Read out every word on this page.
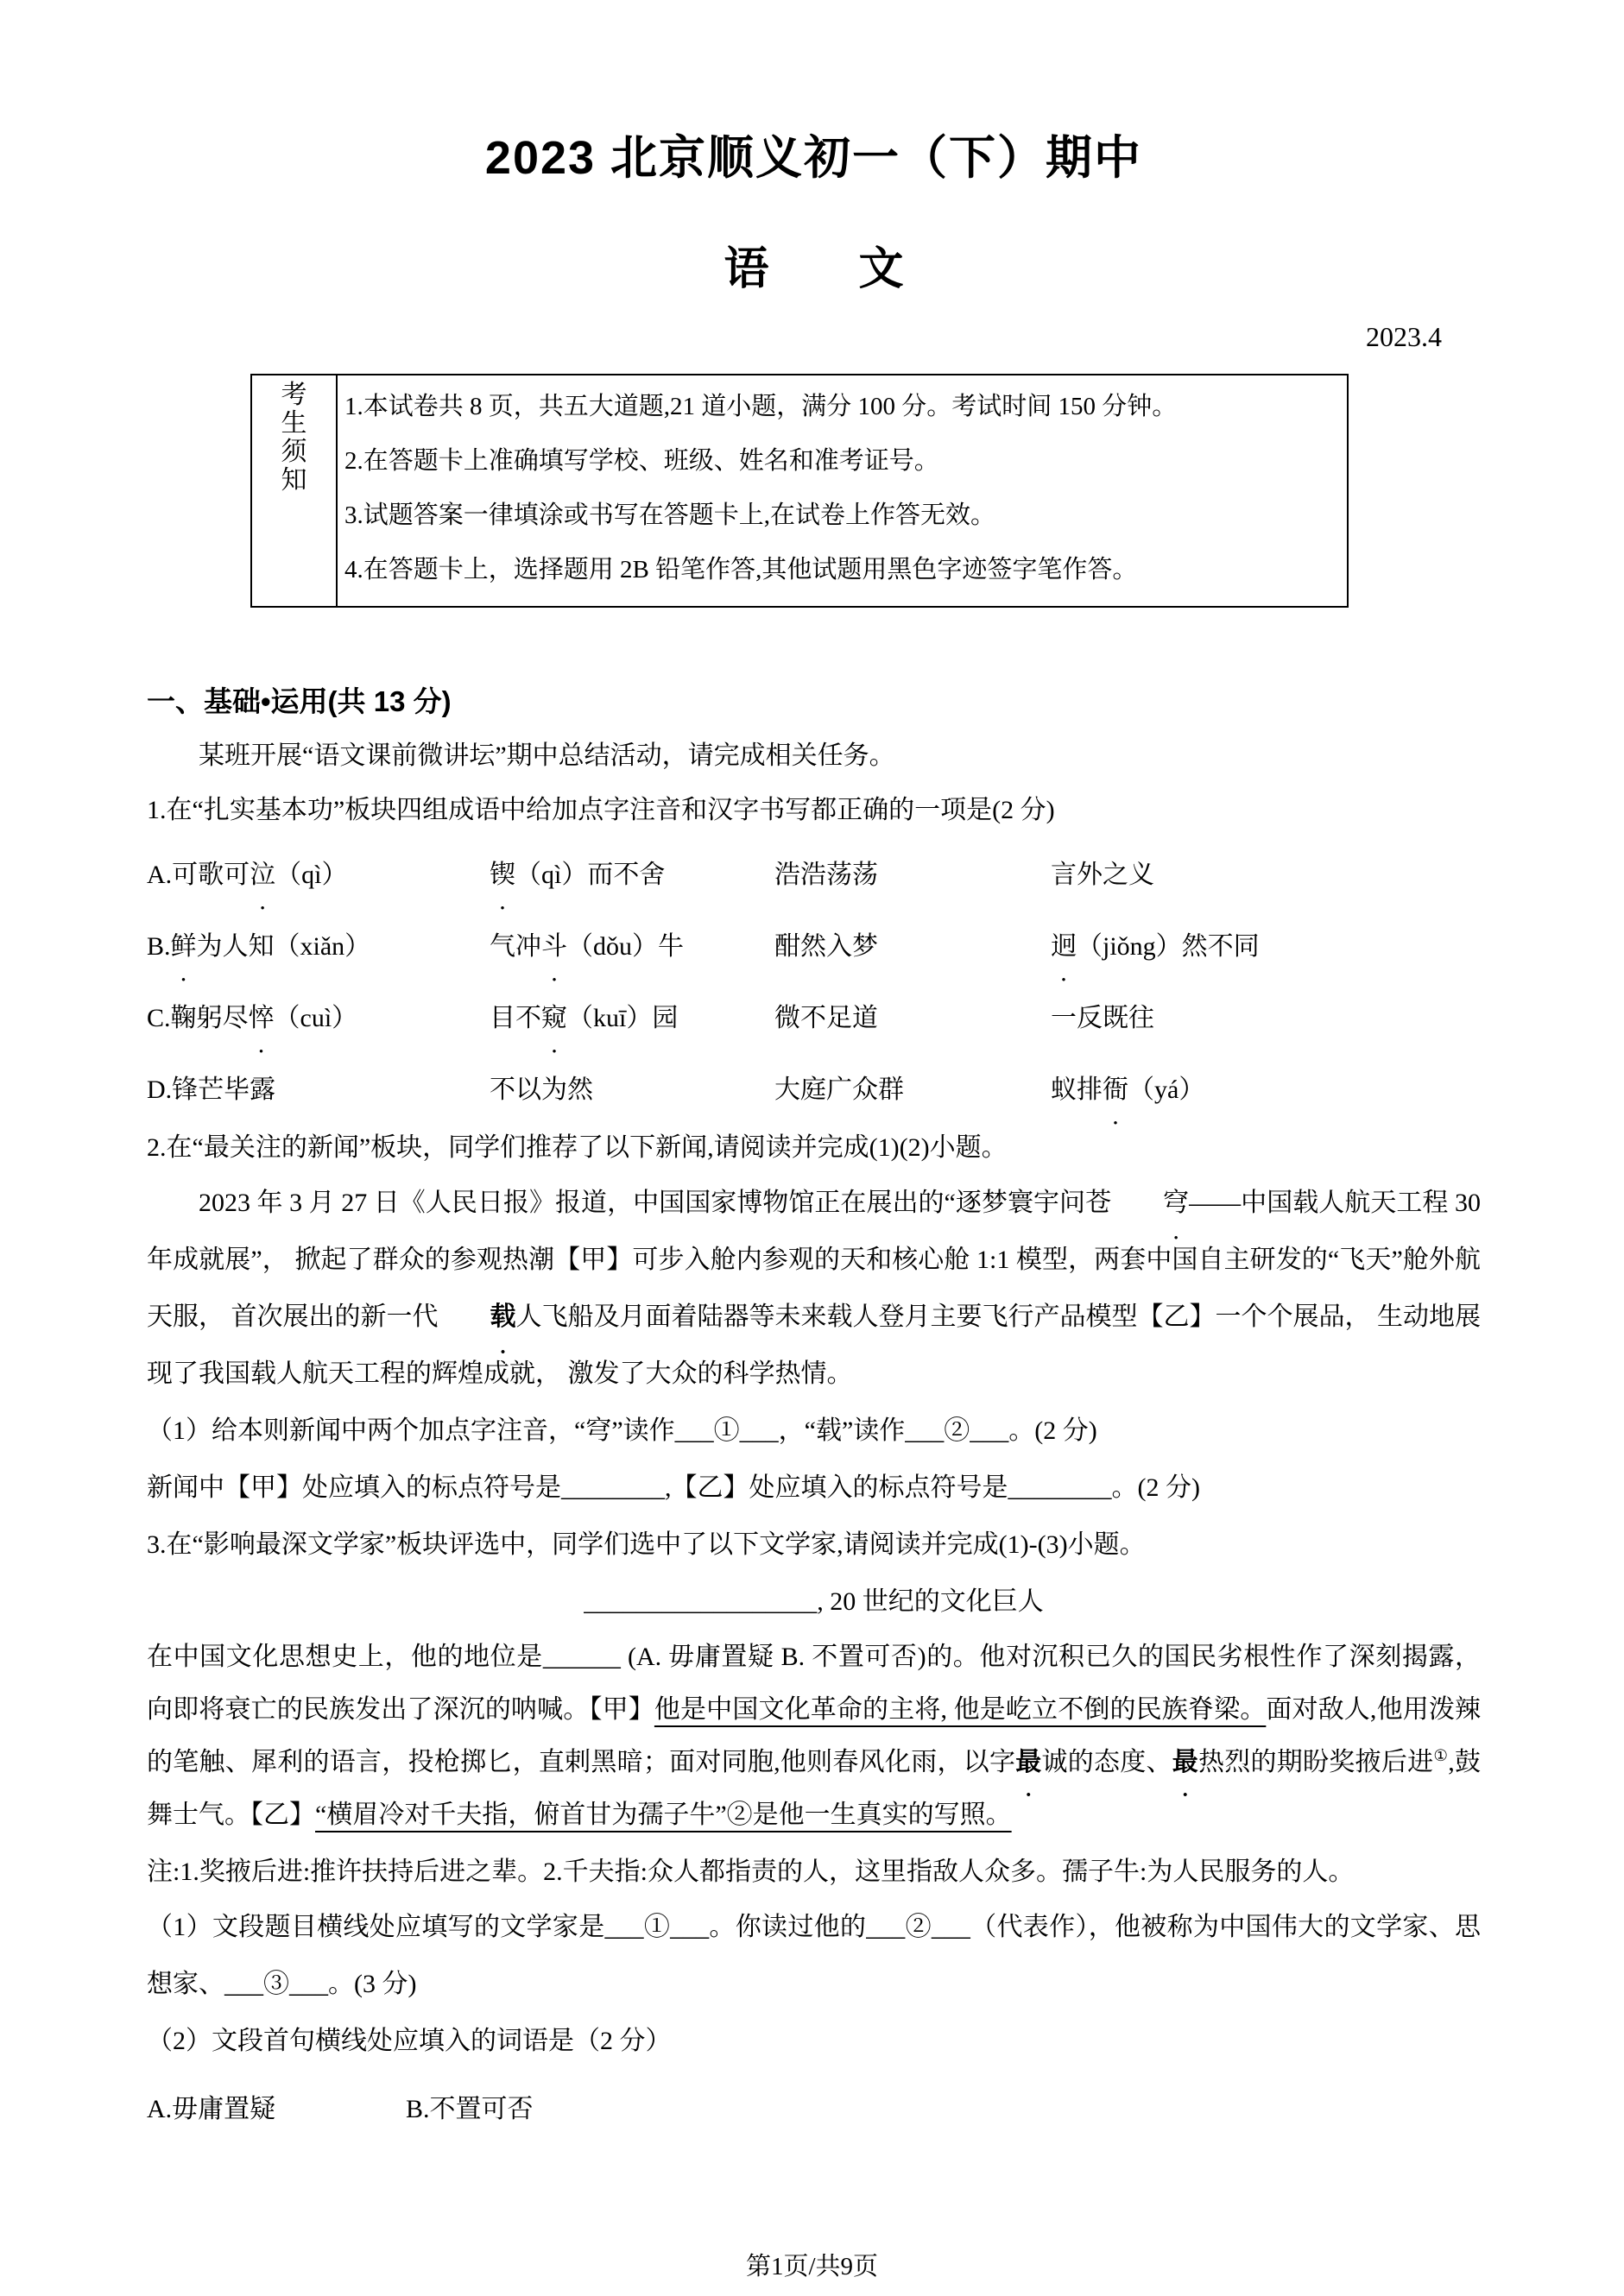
2023 北京顺义初一（下）期中
语　　文
2023.4
考
生
须
知

1.本试卷共 8 页，共五大道题,21 道小题，满分 100 分。考试时间 150 分钟。

2.在答题卡上准确填写学校、班级、姓名和准考证号。

3.试题答案一律填涂或书写在答题卡上,在试卷上作答无效。

4.在答题卡上，选择题用 2B 铅笔作答,其他试题用黑色字迹签字笔作答。

一、基础•运用(共 13 分)

某班开展“语文课前微讲坛”期中总结活动，请完成相关任务。

1.在“扎实基本功”板块四组成语中给加点字注音和汉字书写都正确的一项是(2 分)

A.可歌可泣（qì）	锲（qì）而不舍	浩浩荡荡	言外之义
B.鲜为人知（xiǎn）	气冲斗（dǒu）牛	酣然入梦	迥（jiǒng）然不同
C.鞠躬尽悴（cuì）	目不窥（kuī）园	微不足道	一反既往
D.锋芒毕露	不以为然	大庭广众群	蚁排衙（yá）

2.在“最关注的新闻”板块，同学们推荐了以下新闻,请阅读并完成(1)(2)小题。

2023 年 3 月 27 日《人民日报》报道，中国国家博物馆正在展出的“逐梦寰宇问苍 穹——中国载人航天工程 30 年成就展”， 掀起了群众的参观热潮【甲】可步入舱内参观的天和核心舱 1:1 模型，两套中国自主研发的“飞天”舱外航天服， 首次展出的新一代 载人飞船及月面着陆器等未来载人登月主要飞行产品模型【乙】一个个展品， 生动地展现了我国载人航天工程的辉煌成就， 激发了大众的科学热情。

（1）给本则新闻中两个加点字注音，“穹”读作___①___，“载”读作___②___。(2 分)

新闻中【甲】处应填入的标点符号是________,【乙】处应填入的标点符号是________。(2 分)

3.在“影响最深文学家”板块评选中，同学们选中了以下文学家,请阅读并完成(1)-(3)小题。

__________________, 20 世纪的文化巨人

在中国文化思想史上，他的地位是______ (A. 毋庸置疑 B. 不置可否)的。他对沉积已久的国民劣根性作了深刻揭露，向即将衰亡的民族发出了深沉的呐喊。【甲】他是中国文化革命的主将, 他是屹立不倒的民族脊梁。面对敌人,他用泼辣的笔触、犀利的语言，投枪掷匕，直剌黑暗；面对同胞,他则春风化雨，以字最诚的态度、最热烈的期盼奖掖后进①,鼓舞士气。【乙】“横眉冷对千夫指，俯首甘为孺子牛”②是他一生真实的写照。

注:1.奖掖后进:推许扶持后进之辈。2.千夫指:众人都指责的人，这里指敌人众多。孺子牛:为人民服务的人。

（1）文段题目横线处应填写的文学家是___①___。你读过他的___②___（代表作），他被称为中国伟大的文学家、思想家、___③___。(3 分)

（2）文段首句横线处应填入的词语是（2 分）

A.毋庸置疑	B.不置可否
第1页/共9页
